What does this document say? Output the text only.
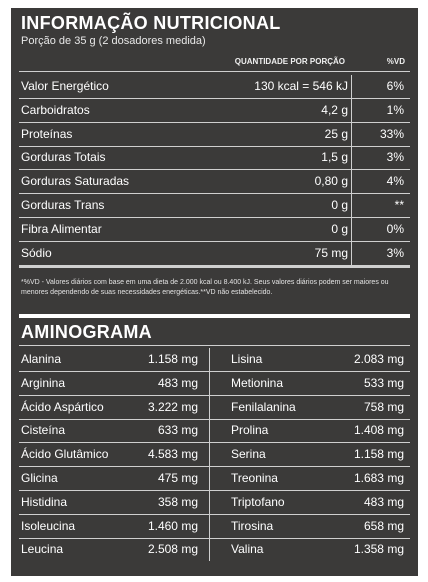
INFORMAÇÃO NUTRICIONAL
Porção de 35 g (2 dosadores medida)
QUANTIDADE POR PORÇÃO	%VD
Valor Energético	130 kcal = 546 kJ	6%
Carboidratos	4,2 g	1%
Proteínas	25 g	33%
Gorduras Totais	1,5 g	3%
Gorduras Saturadas	0,80 g	4%
Gorduras Trans	0 g	**
Fibra Alimentar	0 g	0%
Sódio	75 mg	3%
*%VD - Valores diários com base em uma dieta de 2.000 kcal ou 8.400 kJ. Seus valores diários podem ser maiores ou menores dependendo de suas necessidades energéticas.**VD não estabelecido.
AMINOGRAMA
Alanina	1.158 mg	Lisina	2.083 mg
Arginina	483 mg	Metionina	533 mg
Ácido Aspártico	3.222 mg	Fenilalanina	758 mg
Cisteína	633 mg	Prolina	1.408 mg
Ácido Glutâmico	4.583 mg	Serina	1.158 mg
Glicina	475 mg	Treonina	1.683 mg
Histidina	358 mg	Triptofano	483 mg
Isoleucina	1.460 mg	Tirosina	658 mg
Leucina	2.508 mg	Valina	1.358 mg
